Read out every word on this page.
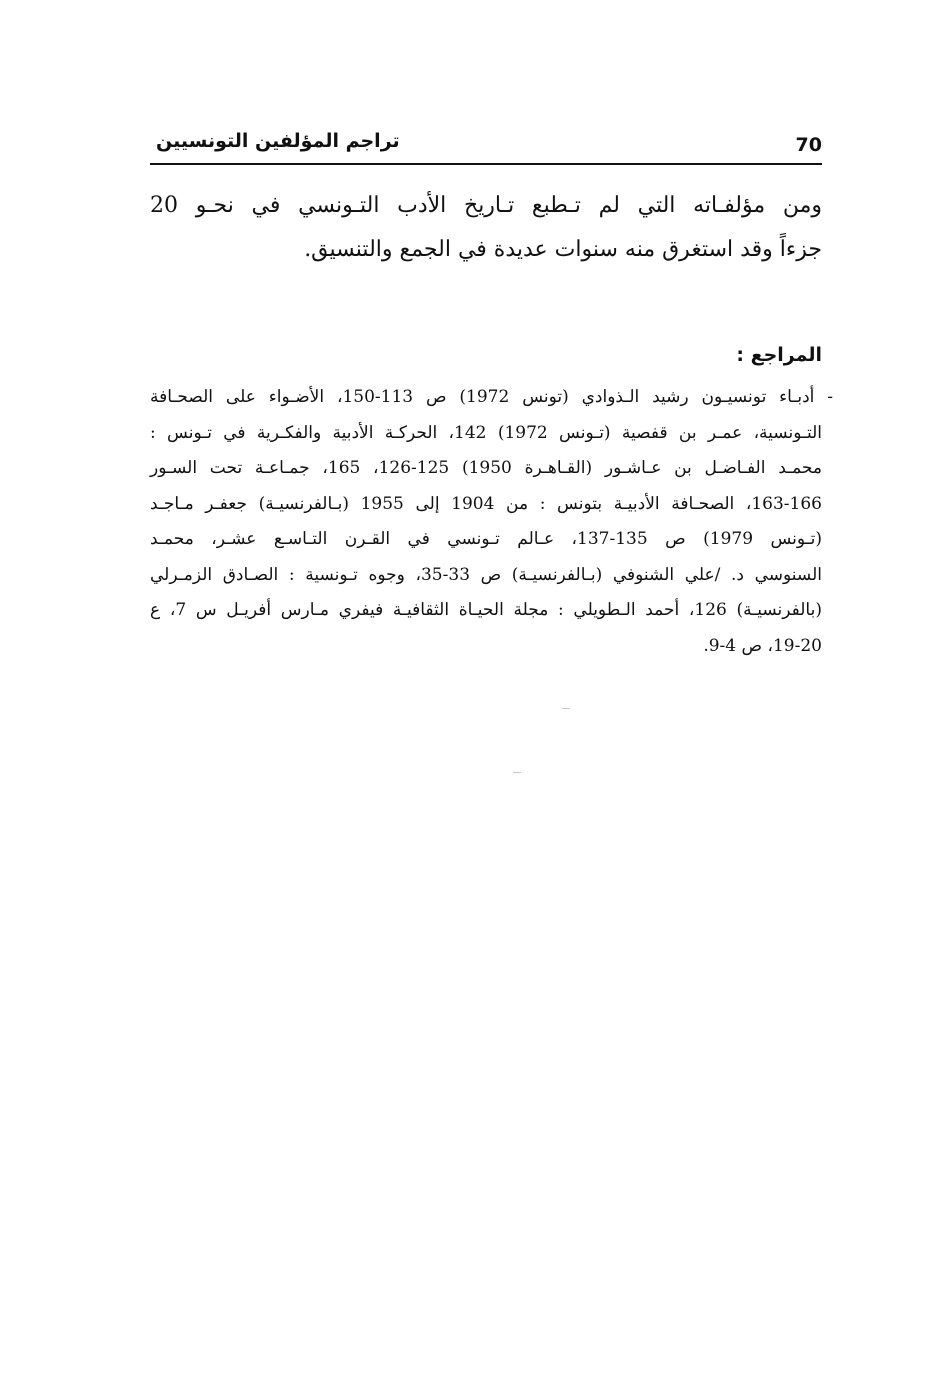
70
تراجم المؤلفين التونسيين
ومن مؤلفـاته التي لم تـطبع تـاريخ الأدب التـونسي في نحـو 20
جزءاً وقد استغرق منه سنوات عديدة في الجمع والتنسيق.
المراجع :
- أدبـاء تونسيـون رشيد الـذوادي (تونس 1972) ص 113-150، الأضـواء على الصحـافة
التـونسية، عمـر بن قفصية (تـونس 1972) 142، الحركـة الأدبية والفكـرية في تـونس :
محمـد الفـاضـل بن عـاشـور (القـاهـرة 1950) 125-126، 165، جمـاعـة تحت السـور
163-166، الصحـافة الأدبيـة بتونس : من 1904 إلى 1955 (بـالفرنسيـة) جعفـر مـاجـد
(تـونس 1979) ص 135-137، عـالم تـونسي في القـرن التـاسـع عشـر، محمـد
السنوسي د. /علي الشنوفي (بـالفرنسيـة) ص 33-35، وجوه تـونسية : الصـادق الزمـرلي
(بالفرنسيـة) 126، أحمد الـطويلي : مجلة الحيـاة الثقافيـة فيفري مـارس أفريـل س 7، ع
19-20، ص 4-9.
